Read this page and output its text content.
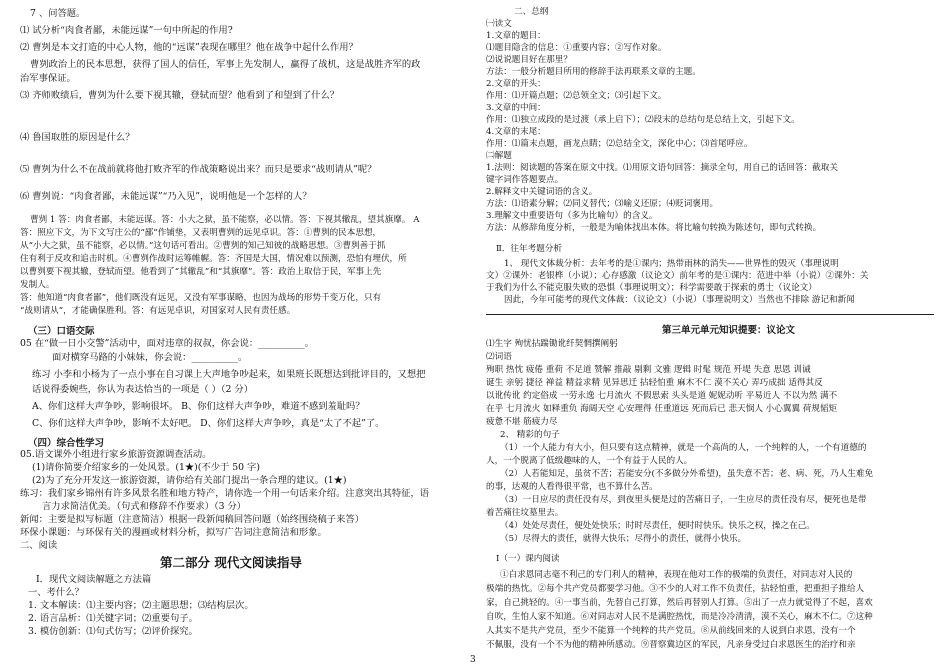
7 、问答题。
⑴ 试分析“肉食者鄙，未能远谋”一句中所起的作用?
⑵ 曹刿是本文打造的中心人物，他的“远谋”表现在哪里？他在战争中起什么作用？
曹刿政治上的民本思想，获得了国人的信任，军事上先发制人，赢得了战机，这是战胜齐军的政
治军事保证。
⑶ 齐师败绩后，曹刿为什么要下视其辙，登轼而望？他看到了和望到了什么？
⑷ 鲁国取胜的原因是什么？
⑸ 曹刿为什么不在战前就将他打败齐军的作战策略说出来？而只是要求“战则请从”呢？
⑹ 曹刿说：“肉食者鄙，未能远谋”“乃入见”，说明他是一个怎样的人？
曹刿 1 答：肉食者鄙，未能远谋。答：小大之狱，虽不能察，必以情。答：下视其辙乱，望其旗靡。 A
答：照应下文，为下文写庄公的“鄙”作铺垫，又表明曹刿的远见卓识。答：①曹刿的民本思想，
从“小大之狱，虽不能察，必以情。”这句话可看出。②曹刿的知己知彼的战略思想。③曹刿善于抓
住有利于反攻和追击时机。④曹刿作战时运筹帷幄。答：齐国是大国，情况难以预测，恐怕有埋伏，所
以曹刿要下视其辙，登轼而望。他看到了“其辙乱”和“其旗靡”。答：政治上取信于民，军事上先
发制人。
答：他知道“肉食者鄙”，他们既没有远见，又没有军事谋略，也因为战场的形势千变万化，只有
“战则请从”，才能确保胜利。答：有远见卓识，对国家对人民有责任感。
（三）口语交际
05 在“做一日小交警”活动中，面对违章的叔叔，你会说：__________。
面对横穿马路的小妹妹，你会说：__________。
练习 小李和小杨为了一点小事在自习课上大声地争吵起来，如果班长既想达到批评目的，又想把
话说得委婉些，你认为表达恰当的一项是（ ）（2 分）
A、你们这样大声争吵，影响很坏。 B、你们这样大声争吵，难道不感到羞耻吗？
C、你们这样大声争吵，影响不太好吧。 D、你们这样大声争吵，真是“太了不起”了。
（四）综合性学习
05.语文课外小组进行家乡旅游资源调查活动。
(1)请你简要介绍家乡的一处风景。(1★)(不少于 50 字)
(2)为了充分开发这一旅游资源，请你给有关部门提出一条合理的建议。(1★)
练习：我们家乡锦州有许多风景名胜和地方特产，请你选一个用一句话来介绍。注意突出其特征，语
言力求简洁优美。（句式和修辞不作要求）（3 分）
新闻：主要是拟写标题（注意简洁）根据一段新闻稿回答问题（始终围绕稿子来答）
环保小课题：与环保有关的漫画或材料分析，拟写广告词注意简洁和形象。
二、阅读
第二部分 现代文阅读指导
Ⅰ．现代文阅读解题之方法篇
一、考什么？
1. 文本解读：⑴主要内容；⑵主题思想；⑶结构层次。
2. 语言品析：⑴关键字词；⑵重要句子。
3. 模仿创新：⑴句式仿写；⑵评价探究。
二、总纲
㈠读文
1.文章的题目：
⑴题目隐含的信息：①重要内容；②写作对象。
⑵说说题目好在那里？
方法：一般分析题目所用的修辞手法再联系文章的主题。
2.文章的开头：
作用：⑴开篇点题；⑵总领全文；⑶引起下文。
3.文章的中间：
作用：⑴独立成段的是过渡（承上启下）；⑵段末的总结句是总结上文，引起下文。
4.文章的末尾：
作用：⑴篇末点题，画龙点睛；⑵总结全文，深化中心；⑶首尾呼应。
㈡解题
1.法则：阅读题的答案在原文中找。⑴用原文语句回答：摘录全句，用自己的话回答：截取关
键字词作答题要点。
2.解释文中关键词语的含义。
方法：⑴语素分解；⑵同义替代；⑶喻义还原；⑷贬词褒用。
3.理解文中重要语句（多为比喻句）的含义。
方法：从修辞角度分析，一般是为喻体找出本体。将比喻句转换为陈述句，即句式转换。
Ⅱ．往年考题分析
1、 现代文体裁分析：去年考的是①课内；热带雨林的消失——世界性的毁灭（事理说明
文）②课外：老银桦（小说）；心存感激（议论文）前年考的是①课内：范进中举（小说）②课外：关
于我们为什么不能克服失败的恐惧（事理说明文）；科学需要敢于探索的勇士（议论文）
因此，今年可能考的现代文体裁：（议论文）（小说）（事理说明文）当然也不排除 游记和新闻
第三单元单元知识提要：议论文
⑴生字 殉忧拈踹锄讹纤契惘撰阐躬
⑵词语
殉职 热忱 疲倦 重荷 不足道 赞解 推敲 剔剩 文雅 逻辑 时髦 规范 歼堤 失意 思恩 训诫
诞生 亲躬 捷径 禅益 精益求精 见异思迁 拈轻怕重 麻木不仁 漠不关心 弄巧成拙 适得其反
以讹传讹 约定俗成 一劳永逸 七月流火 不假思索 头头是道 妮妮动听 平易近人 不以为然 满不
在乎 七月流火 如释重负 海阔天空 心安理得 任重道远 死而后已 悲天悯人 小心翼翼 荷规韬矩
疲惫不堪 筋疲力尽
2、 精彩的句子
（1）一个人能力有大小，但只要有这点精神，就是一个高尚的人，一个纯粹的人，一个有道德的
人，一个脱离了低级趣味的人，一个有益于人民的人。
（2）人若能知足，虽贫不苦；若能安分(不多做分外希望)，虽失意不苦；老、病、死，乃人生难免
的事，达观的人看得很平常，也不算什么苦。
（3）一日应尽的责任没有尽，到夜里头便是过的苦痛日子，一生应尽的责任没有尽，便死也是带
着苦痛往坟墓里去。
（4）处处尽责任，便处处快乐；时时尽责任，便时时快乐。快乐之权，操之在己。
（5）尽得大的责任，就得大快乐；尽得小的责任，就得小快乐。
Ⅰ（一）课内阅读
①白求恩同志毫不利己的专门利人的精神，表现在他对工作的极端的负责任，对同志对人民的
极端的热忱。②每个共产党员都要学习他。③不少的人对工作不负责任，拈轻怕重，把重担子推给人
家，自己挑轻的。④一事当前，先替自己打算，然后再替别人打算。⑤出了一点力就觉得了不起，喜欢
自吹，生怕人家不知道。⑥对同志对人民不是满腔热忱，而是冷冷清清，漠不关心，麻木不仁。⑦这种
人其实不是共产党员，至少不能算一个纯粹的共产党员。⑧从前线回来的人说到白求恩，没有一个
不佩服，没有一个不为他的精神所感动。⑨晋察冀边区的军民，凡亲身受过白求恩医生的治疗和亲
3
